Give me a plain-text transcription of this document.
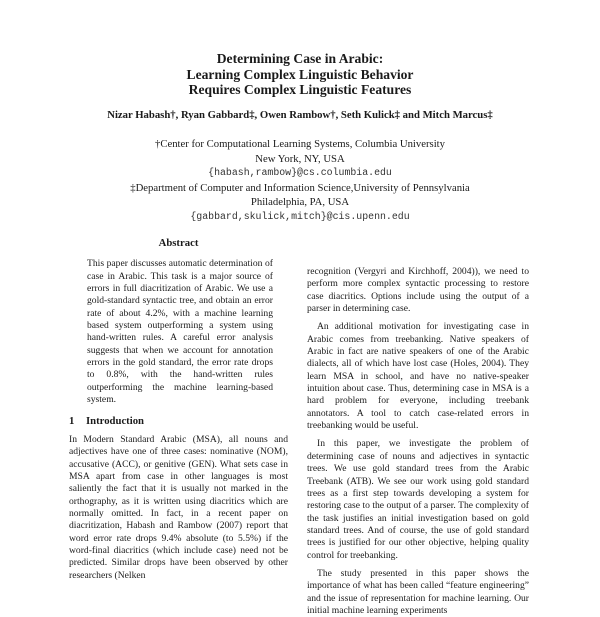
Determining Case in Arabic:
Learning Complex Linguistic Behavior
Requires Complex Linguistic Features
Nizar Habash†, Ryan Gabbard‡, Owen Rambow†, Seth Kulick‡ and Mitch Marcus‡
†Center for Computational Learning Systems, Columbia University
New York, NY, USA
{habash,rambow}@cs.columbia.edu
‡Department of Computer and Information Science,University of Pennsylvania
Philadelphia, PA, USA
{gabbard,skulick,mitch}@cis.upenn.edu
Abstract

This paper discusses automatic determination of case in Arabic. This task is a major source of errors in full diacritization of Arabic. We use a gold-standard syntactic tree, and obtain an error rate of about 4.2%, with a machine learning based system outperforming a system using hand-written rules. A careful error analysis suggests that when we account for annotation errors in the gold standard, the error rate drops to 0.8%, with the hand-written rules outperforming the machine learning-based system.

1 Introduction

In Modern Standard Arabic (MSA), all nouns and adjectives have one of three cases: nominative (NOM), accusative (ACC), or genitive (GEN). What sets case in MSA apart from case in other languages is most saliently the fact that it is usually not marked in the orthography, as it is written using diacritics which are normally omitted. In fact, in a recent paper on diacritization, Habash and Rambow (2007) report that word error rate drops 9.4% absolute (to 5.5%) if the word-final diacritics (which include case) need not be predicted. Similar drops have been observed by other researchers (Nelken

recognition (Vergyri and Kirchhoff, 2004)), we need to perform more complex syntactic processing to restore case diacritics. Options include using the output of a parser in determining case.

An additional motivation for investigating case in Arabic comes from treebanking. Native speakers of Arabic in fact are native speakers of one of the Arabic dialects, all of which have lost case (Holes, 2004). They learn MSA in school, and have no native-speaker intuition about case. Thus, determining case in MSA is a hard problem for everyone, including treebank annotators. A tool to catch case-related errors in treebanking would be useful.

In this paper, we investigate the problem of determining case of nouns and adjectives in syntactic trees. We use gold standard trees from the Arabic Treebank (ATB). We see our work using gold standard trees as a first step towards developing a system for restoring case to the output of a parser. The complexity of the task justifies an initial investigation based on gold standard trees. And of course, the use of gold standard trees is justified for our other objective, helping quality control for treebanking.

The study presented in this paper shows the importance of what has been called “feature engineering” and the issue of representation for machine learning. Our initial machine learning experiments
